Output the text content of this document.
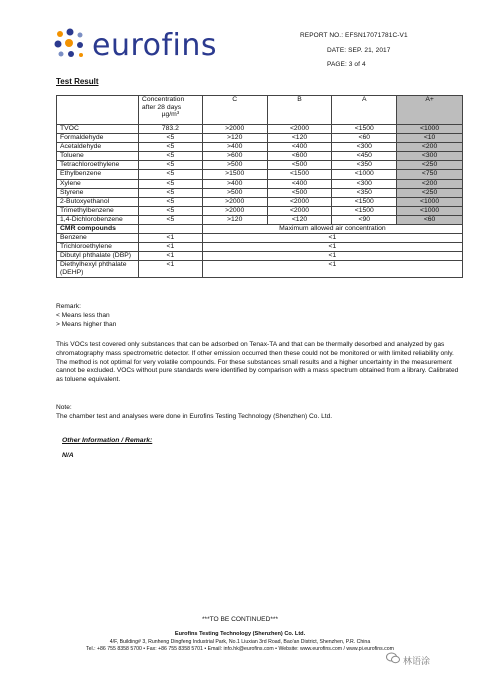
eurofins	REPORT NO.: EFSN17071781C-V1
DATE: SEP. 21, 2017
PAGE: 3 of 4
Test Result

	Concentration
after 28 days
µg/m³	C	B	A	A+
TVOC	783.2	>2000	<2000	<1500	<1000
Formaldehyde	<5	>120	<120	<60	<10
Acetaldehyde	<5	>400	<400	<300	<200
Toluene	<5	>600	<600	<450	<300
Tetrachloroethylene	<5	>500	<500	<350	<250
Ethylbenzene	<5	>1500	<1500	<1000	<750
Xylene	<5	>400	<400	<300	<200
Styrene	<5	>500	<500	<350	<250
2-Butoxyethanol	<5	>2000	<2000	<1500	<1000
Trimethylbenzene	<5	>2000	<2000	<1500	<1000
1,4-Dichlorobenzene	<5	>120	<120	<90	<60
CMR compounds		Maximum allowed air concentration			
Benzene	<1	<1			
Trichloroethylene	<1	<1			
Dibutyl phthalate (DBP)	<1	<1			
Diethylhexyl phthalate (DEHP)	<1	<1			
Remark:
< Means less than
> Means higher than
This VOCs test covered only substances that can be adsorbed on Tenax-TA and that can be thermally desorbed and analyzed by gas chromatography mass spectrometric detector. If other emission occurred then these could not be monitored or with limited reliability only. The method is not optimal for very volatile compounds. For these substances small results and a higher uncertainty in the measurement cannot be excluded. VOCs without pure standards were identified by comparison with a mass spectrum obtained from a library. Calibrated as toluene equivalent.
Note:
The chamber test and analyses were done in Eurofins Testing Technology (Shenzhen) Co. Ltd.
Other Information / Remark:
N/A
***TO BE CONTINUED***
Eurofins Testing Technology (Shenzhen) Co. Ltd.
4/F, Building# 3, Runheng Dingfeng Industrial Park, No.1 Liuxian 3rd Road, Bao'an District, Shenzhen, P.R. China
Tel.: +86 755 8358 5700 • Fax: +86 755 8358 5701 • Email: info.hk@eurofins.com • Website: www.eurofins.com / www.pi.eurofins.com
林语涂
